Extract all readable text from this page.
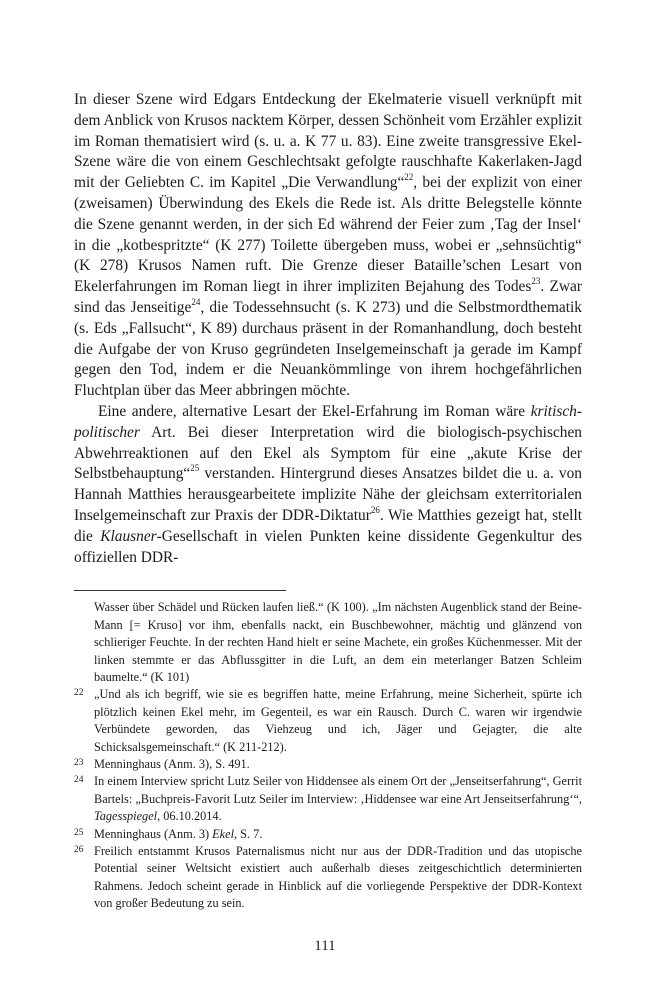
In dieser Szene wird Edgars Entdeckung der Ekelmaterie visuell verknüpft mit dem Anblick von Krusos nacktem Körper, dessen Schönheit vom Erzähler explizit im Roman thematisiert wird (s. u. a. K 77 u. 83). Eine zweite transgressive Ekel-Szene wäre die von einem Geschlechtsakt gefolgte rauschhafte Kakerlaken-Jagd mit der Geliebten C. im Kapitel „Die Verwandlung“$^{22}$, bei der explizit von einer (zweisamen) Überwindung des Ekels die Rede ist. Als dritte Belegstelle könnte die Szene genannt werden, in der sich Ed während der Feier zum ‚Tag der Insel‘ in die „kotbespritzte“ (K 277) Toilette übergeben muss, wobei er „sehnsüchtig“ (K 278) Krusos Namen ruft. Die Grenze dieser Bataille’schen Lesart von Ekelerfahrungen im Roman liegt in ihrer impliziten Bejahung des Todes$^{23}$. Zwar sind das Jenseitige$^{24}$, die Todessehnsucht (s. K 273) und die Selbstmordthematik (s. Eds „Fallsucht“, K 89) durchaus präsent in der Romanhandlung, doch besteht die Aufgabe der von Kruso gegründeten Inselgemeinschaft ja gerade im Kampf gegen den Tod, indem er die Neuankömmlinge von ihrem hochgefährlichen Fluchtplan über das Meer abbringen möchte.

Eine andere, alternative Lesart der Ekel-Erfahrung im Roman wäre kritisch-politischer Art. Bei dieser Interpretation wird die biologisch-psychischen Abwehrreaktionen auf den Ekel als Symptom für eine „akute Krise der Selbstbehauptung“$^{25}$ verstanden. Hintergrund dieses Ansatzes bildet die u. a. von Hannah Matthies herausgearbeitete implizite Nähe der gleichsam exterritorialen Inselgemeinschaft zur Praxis der DDR-Diktatur$^{26}$. Wie Matthies gezeigt hat, stellt die Klausner-Gesellschaft in vielen Punkten keine dissidente Gegenkultur des offiziellen DDR-

Wasser über Schädel und Rücken laufen ließ.“ (K 100). „Im nächsten Augenblick stand der Beine-Mann [= Kruso] vor ihm, ebenfalls nackt, ein Buschbewohner, mächtig und glänzend von schlieriger Feuchte. In der rechten Hand hielt er seine Machete, ein großes Küchenmesser. Mit der linken stemmte er das Abflussgitter in die Luft, an dem ein meterlanger Batzen Schleim baumelte.“ (K 101)

22 „Und als ich begriff, wie sie es begriffen hatte, meine Erfahrung, meine Sicherheit, spürte ich plötzlich keinen Ekel mehr, im Gegenteil, es war ein Rausch. Durch C. waren wir irgendwie Verbündete geworden, das Viehzeug und ich, Jäger und Gejagter, die alte Schicksalsgemeinschaft.“ (K 211-212).

23 Menninghaus (Anm. 3), S. 491.

24 In einem Interview spricht Lutz Seiler von Hiddensee als einem Ort der „Jenseitserfahrung“, Gerrit Bartels: „Buchpreis-Favorit Lutz Seiler im Interview: ‚Hiddensee war eine Art Jenseitserfahrung‘“, Tagesspiegel, 06.10.2014.

25 Menninghaus (Anm. 3) Ekel, S. 7.

26 Freilich entstammt Krusos Paternalismus nicht nur aus der DDR-Tradition und das utopische Potential seiner Weltsicht existiert auch außerhalb dieses zeitgeschichtlich determinierten Rahmens. Jedoch scheint gerade in Hinblick auf die vorliegende Perspektive der DDR-Kontext von großer Bedeutung zu sein.

111
